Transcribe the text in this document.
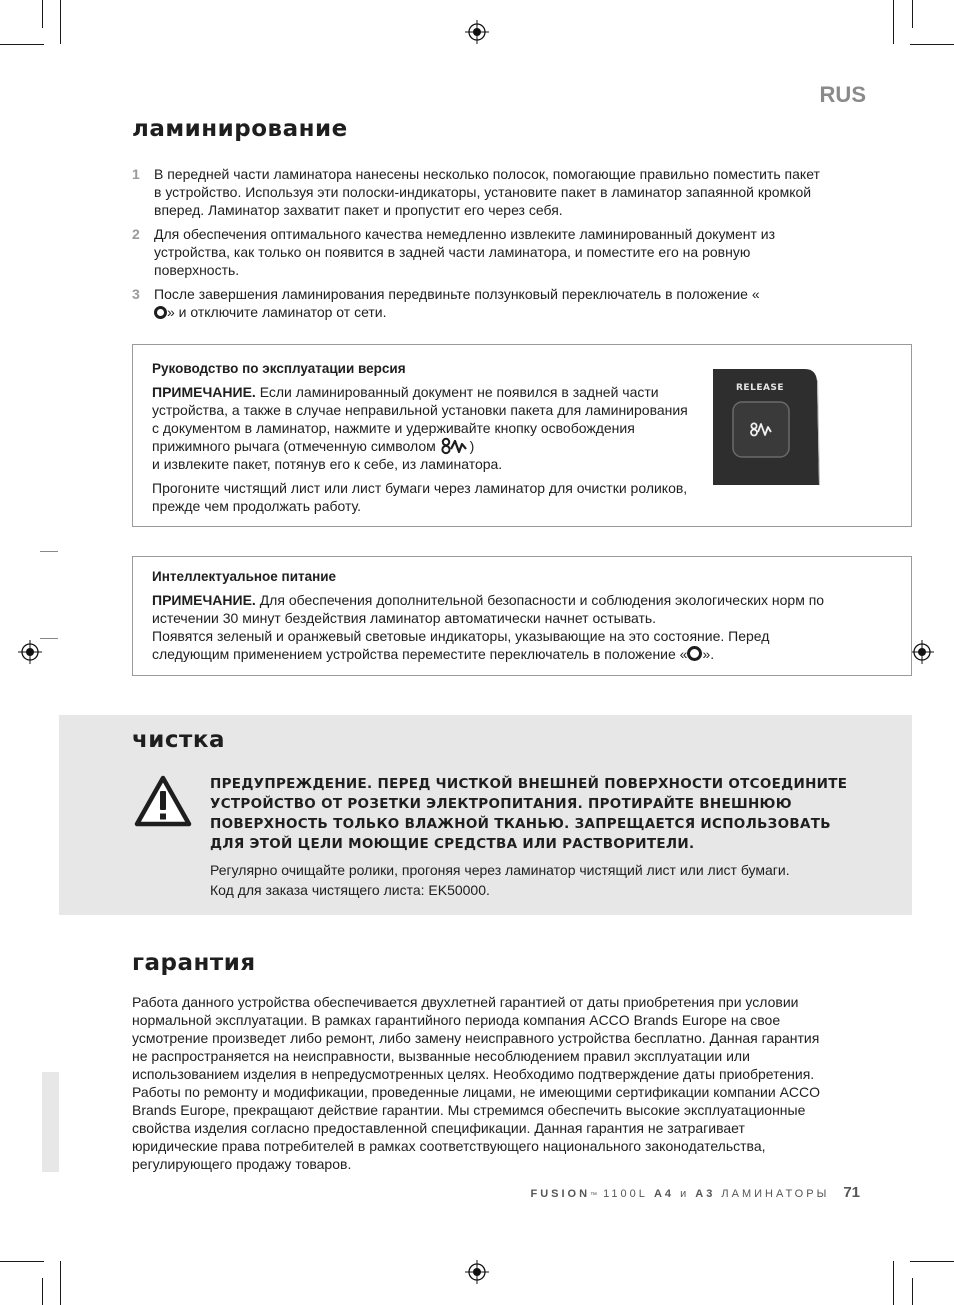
RUS
ламинирование
1	В передней части ламинатора нанесены несколько полосок, помогающие правильно поместить пакет в устройство. Используя эти полоски-индикаторы, установите пакет в ламинатор запаянной кромкой вперед. Ламинатор захватит пакет и пропустит его через себя.
2	Для обеспечения оптимального качества немедленно извлеките ламинированный документ из устройства, как только он появится в задней части ламинатора, и поместите его на ровную поверхность.
3	После завершения ламинирования передвиньте ползунковый переключатель в положение «
» и отключите ламинатор от сети.
Руководство по эксплуатации версия

ПРИМЕЧАНИЕ. Если ламинированный документ не появился в задней части устройства, а также в случае неправильной установки пакета для ламинирования с документом в ламинатор, нажмите и удерживайте кнопку освобождения прижимного рычага (отмеченную символом )
и извлеките пакет, потянув его к себе, из ламинатора.

Прогоните чистящий лист или лист бумаги через ламинатор для очистки роликов, прежде чем продолжать работу.

RELEASE
Интеллектуальное питание

ПРИМЕЧАНИЕ. Для обеспечения дополнительной безопасности и соблюдения экологических норм по истечении 30 минут бездействия ламинатор автоматически начнет остывать.
Появятся зеленый и оранжевый световые индикаторы, указывающие на это состояние. Перед следующим применением устройства переместите переключатель в положение « ».

чистка
ПРЕДУПРЕЖДЕНИЕ. ПЕРЕД ЧИСТКОЙ ВНЕШНЕЙ ПОВЕРХНОСТИ ОТСОЕДИНИТЕ УСТРОЙСТВО ОТ РОЗЕТКИ ЭЛЕКТРОПИТАНИЯ. ПРОТИРАЙТЕ ВНЕШНЮЮ ПОВЕРХНОСТЬ ТОЛЬКО ВЛАЖНОЙ ТКАНЬЮ. ЗАПРЕЩАЕТСЯ ИСПОЛЬЗОВАТЬ ДЛЯ ЭТОЙ ЦЕЛИ МОЮЩИЕ СРЕДСТВА ИЛИ РАСТВОРИТЕЛИ.

Регулярно очищайте ролики, прогоняя через ламинатор чистящий лист или лист бумаги.

Код для заказа чистящего листа: EK50000.

гарантия

Работа данного устройства обеспечивается двухлетней гарантией от даты приобретения при условии нормальной эксплуатации. В рамках гарантийного периода компания ACCO Brands Europe на свое усмотрение произведет либо ремонт, либо замену неисправного устройства бесплатно. Данная гарантия не распространяется на неисправности, вызванные несоблюдением правил эксплуатации или использованием изделия в непредусмотренных целях. Необходимо подтверждение даты приобретения. Работы по ремонту и модификации, проведенные лицами, не имеющими сертификации компании ACCO Brands Europe, прекращают действие гарантии. Мы стремимся обеспечить высокие эксплуатационные свойства изделия согласно предоставленной спецификации. Данная гарантия не затрагивает юридические права потребителей в рамках соответствующего национального законодательства, регулирующего продажу товаров.

FUSION ™
1100L
A4
и
A3
ЛАМИНАТОРЫ 71
